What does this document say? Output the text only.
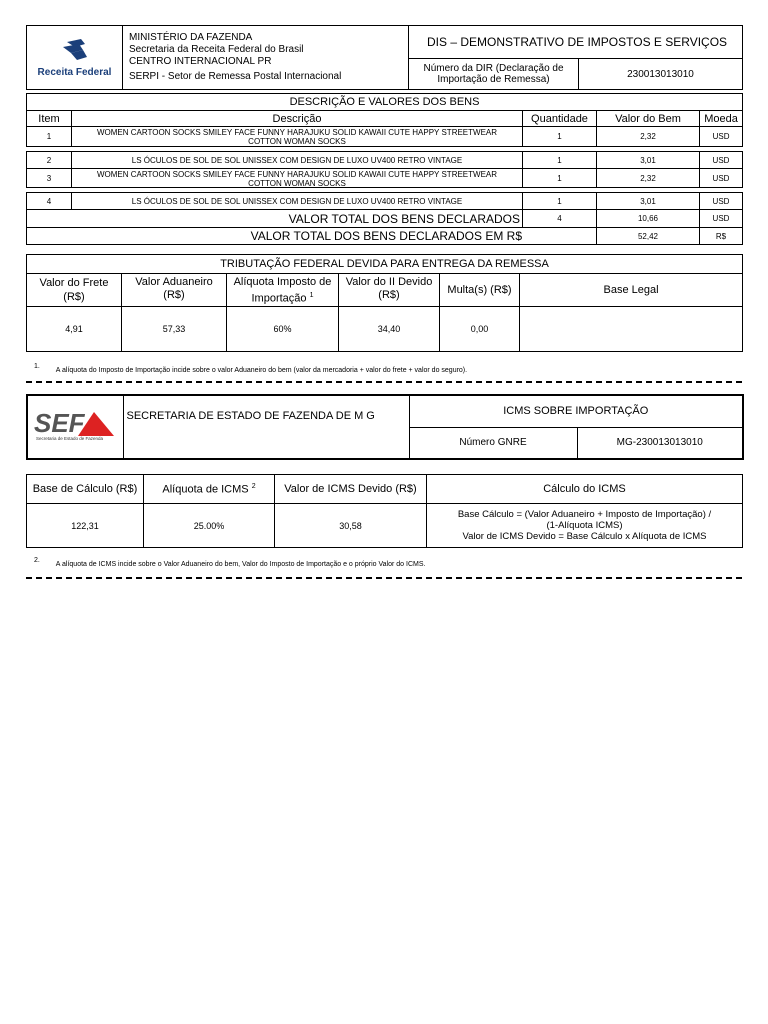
Receita Federal	MINISTÉRIO DA FAZENDA
Secretaria da Receita Federal do Brasil
CENTRO INTERNACIONAL PR
SERPI - Setor de Remessa Postal Internacional	DIS – DEMONSTRATIVO DE IMPOSTOS E SERVIÇOS	
		Número da DIR (Declaração de Importação de Remessa)	230013013010
DESCRIÇÃO E VALORES DOS BENS				
Item	Descrição	Quantidade	Valor do Bem	Moeda
1	WOMEN CARTOON SOCKS SMILEY FACE FUNNY HARAJUKU SOLID KAWAII CUTE HAPPY STREETWEAR COTTON WOMAN SOCKS	1	2,32	USD
2	LS ÓCULOS DE SOL DE SOL UNISSEX COM DESIGN DE LUXO UV400 RETRO VINTAGE	1	3,01	USD
3	WOMEN CARTOON SOCKS SMILEY FACE FUNNY HARAJUKU SOLID KAWAII CUTE HAPPY STREETWEAR COTTON WOMAN SOCKS	1	2,32	USD
4	LS ÓCULOS DE SOL DE SOL UNISSEX COM DESIGN DE LUXO UV400 RETRO VINTAGE	1	3,01	USD
VALOR TOTAL DOS BENS DECLARADOS		4	10,66	USD
VALOR TOTAL DOS BENS DECLARADOS EM R$			52,42	R$
TRIBUTAÇÃO FEDERAL DEVIDA PARA ENTREGA DA REMESSA					
Valor do Frete (R$)	Valor Aduaneiro (R$)	Alíquota Imposto de Importação $^1$	Valor do II Devido (R$)	Multa(s) (R$)	Base Legal
4,91	57,33	60%	34,40	0,00	
1. A alíquota do Imposto de Importação incide sobre o valor Aduaneiro do bem (valor da mercadoria + valor do frete + valor do seguro).
SEF
Secretaria de Estado de Fazenda	SECRETARIA DE ESTADO DE FAZENDA DE M G	ICMS SOBRE IMPORTAÇÃO	
		Número GNRE	MG-230013013010
Base de Cálculo (R$)	Alíquota de ICMS $^2$	Valor de ICMS Devido (R$)	Cálculo do ICMS
122,31	25.00%	30,58	Base Cálculo = (Valor Aduaneiro + Imposto de Importação) /
(1-Alíquota ICMS)
Valor de ICMS Devido = Base Cálculo x Alíquota de ICMS
2. A alíquota de ICMS incide sobre o Valor Aduaneiro do bem, Valor do Imposto de Importação e o próprio Valor do ICMS.
